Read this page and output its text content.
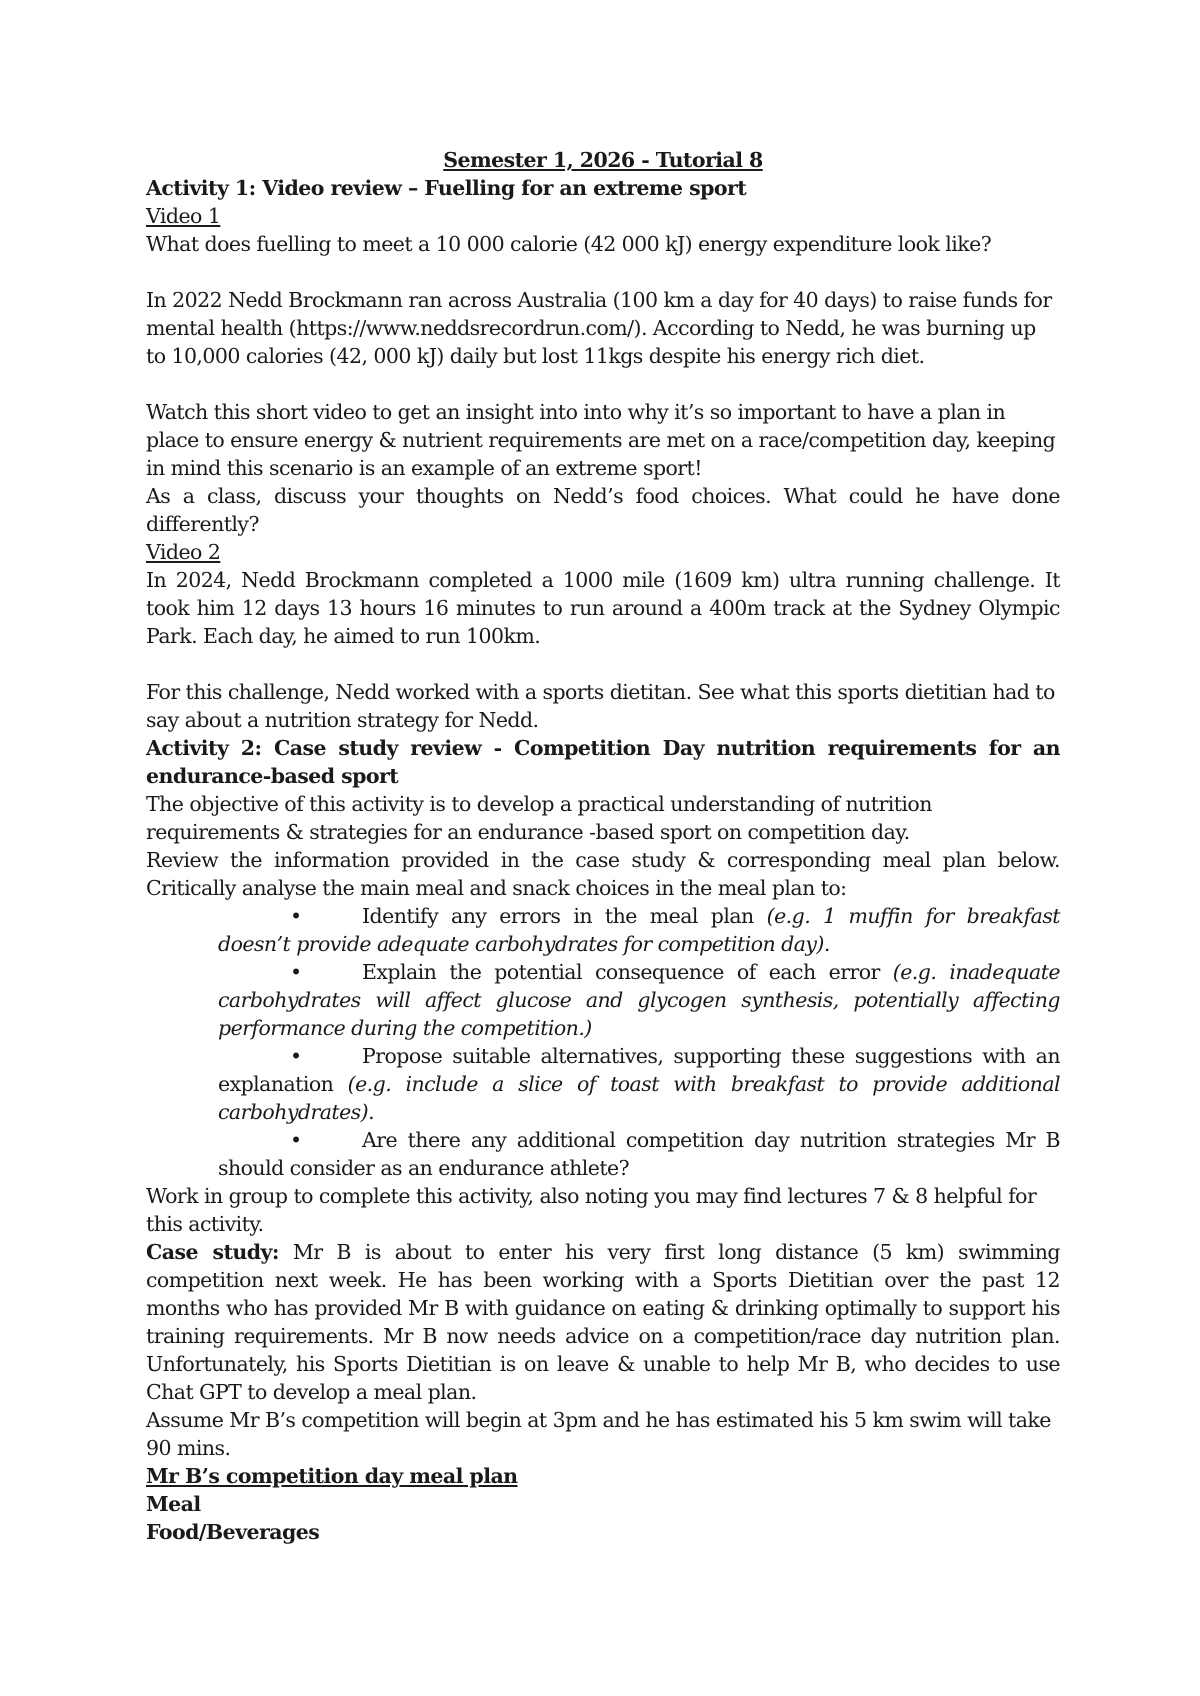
Semester 1, 2026 - Tutorial 8

Activity 1: Video review – Fuelling for an extreme sport

Video 1

What does fuelling to meet a 10 000 calorie (42 000 kJ) energy expenditure look like?

In 2022 Nedd Brockmann ran across Australia (100 km a day for 40 days) to raise funds for mental health (https://www.neddsrecordrun.com/). According to Nedd, he was burning up to 10,000 calories (42, 000 kJ) daily but lost 11kgs despite his energy rich diet.

Watch this short video to get an insight into into why it’s so important to have a plan in place to ensure energy & nutrient requirements are met on a race/competition day, keeping in mind this scenario is an example of an extreme sport!

As a class, discuss your thoughts on Nedd’s food choices. What could he have done differently?

Video 2

In 2024, Nedd Brockmann completed a 1000 mile (1609 km) ultra running challenge. It took him 12 days 13 hours 16 minutes to run around a 400m track at the Sydney Olympic Park. Each day, he aimed to run 100km.

For this challenge, Nedd worked with a sports dietitan. See what this sports dietitian had to say about a nutrition strategy for Nedd.

Activity 2: Case study review - Competition Day nutrition requirements for an endurance-based sport

The objective of this activity is to develop a practical understanding of nutrition requirements & strategies for an endurance -based sport on competition day.

Review the information provided in the case study & corresponding meal plan below. Critically analyse the main meal and snack choices in the meal plan to:

•	Identify any errors in the meal plan (e.g. 1 muffin for breakfast doesn’t provide adequate carbohydrates for competition day).
•	Explain the potential consequence of each error (e.g. inadequate carbohydrates will affect glucose and glycogen synthesis, potentially affecting performance during the competition.)
•	Propose suitable alternatives, supporting these suggestions with an explanation (e.g. include a slice of toast with breakfast to provide additional carbohydrates).
•	Are there any additional competition day nutrition strategies Mr B should consider as an endurance athlete?

Work in group to complete this activity, also noting you may find lectures 7 & 8 helpful for this activity.

Case study: Mr B is about to enter his very first long distance (5 km) swimming competition next week. He has been working with a Sports Dietitian over the past 12 months who has provided Mr B with guidance on eating & drinking optimally to support his training requirements. Mr B now needs advice on a competition/race day nutrition plan. Unfortunately, his Sports Dietitian is on leave & unable to help Mr B, who decides to use Chat GPT to develop a meal plan.

Assume Mr B’s competition will begin at 3pm and he has estimated his 5 km swim will take 90 mins.

Mr B’s competition day meal plan

Meal

Food/Beverages
